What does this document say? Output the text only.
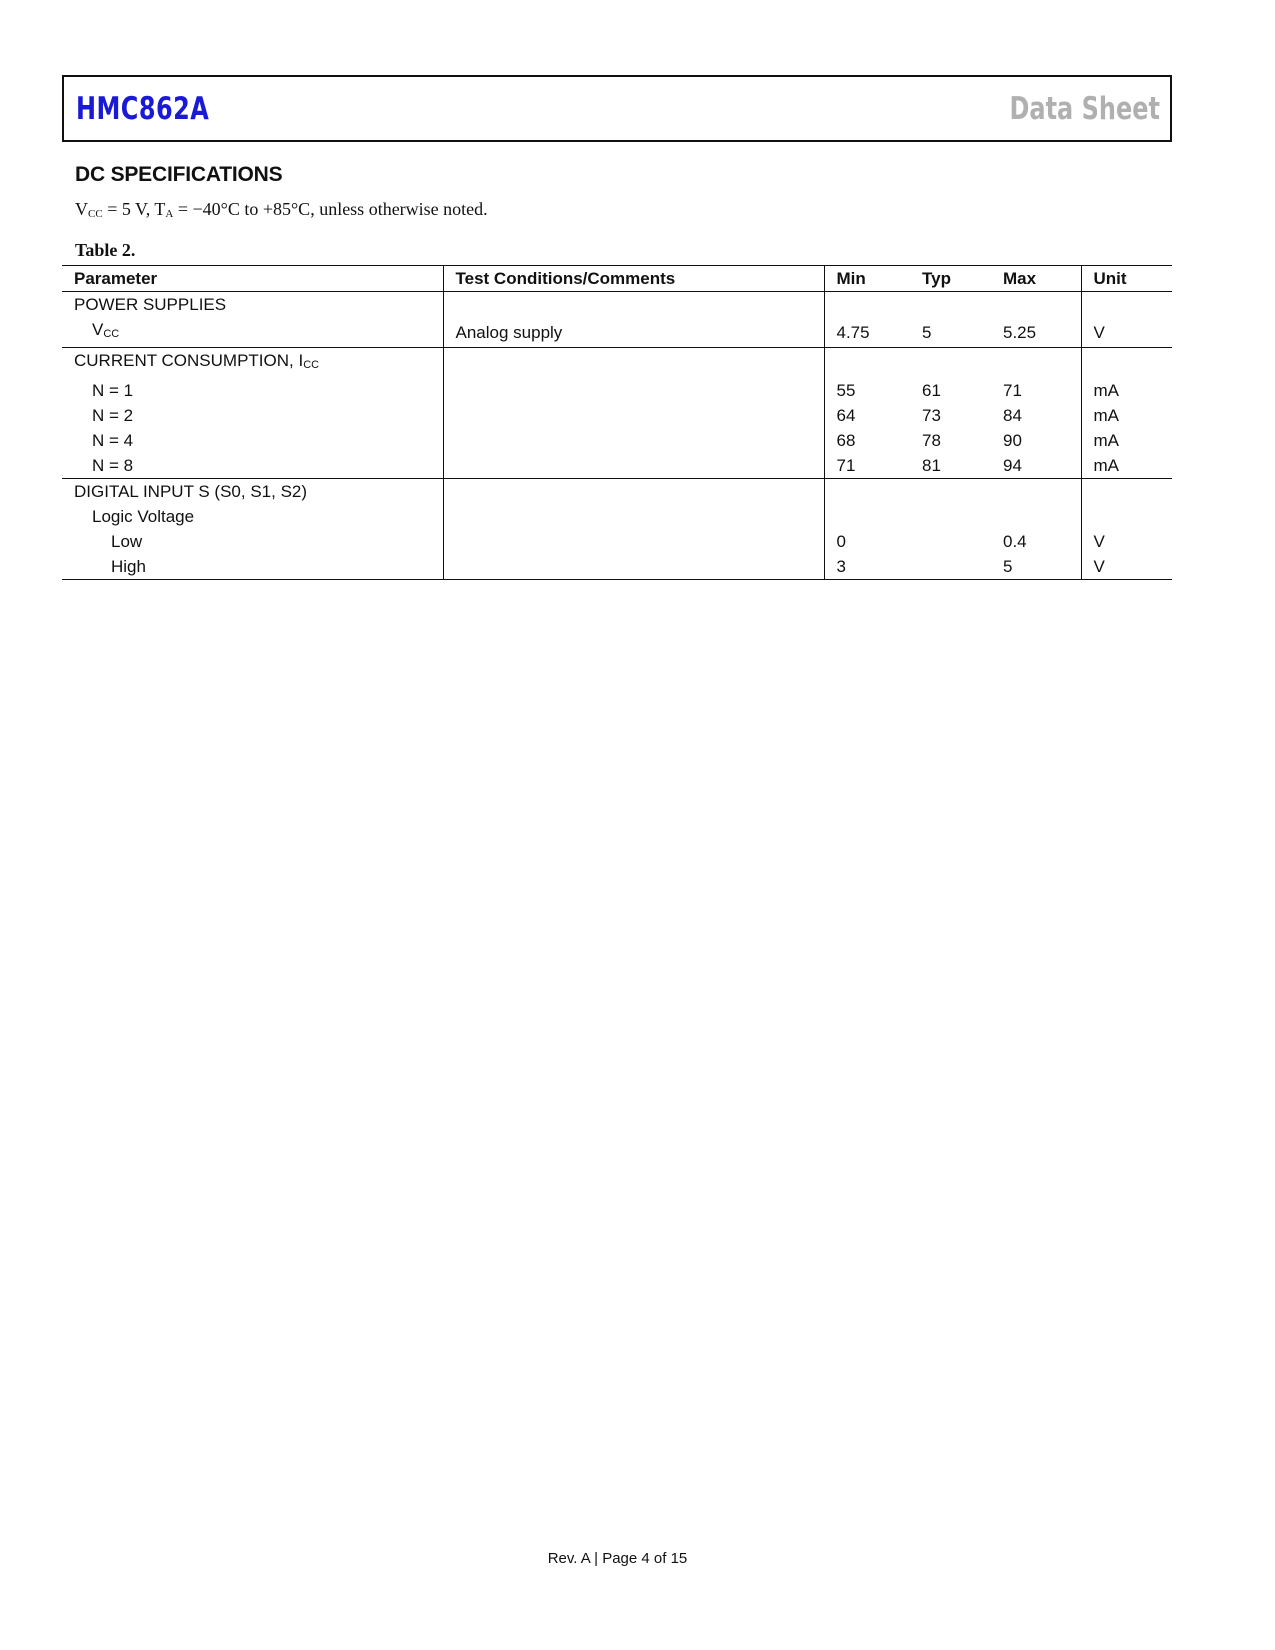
HMC862A	Data Sheet
DC SPECIFICATIONS
$V_{CC} = 5$ V, $T_A = -40^\circ C$ to +85°C, unless otherwise noted.
Table 2.
Parameter	Test Conditions/Comments	Min	Typ	Max	Unit
POWER SUPPLIES					
$V_{CC}$	Analog supply	4.75	5	5.25	V
CURRENT CONSUMPTION, $I_{CC}$					
N = 1		55	61	71	mA
N = 2		64	73	84	mA
N = 4		68	78	90	mA
N = 8		71	81	94	mA
DIGITAL INPUT S (S0, S1, S2)					
Logic Voltage					
Low		0		0.4	V
High		3		5	V
Rev. A | Page 4 of 15
